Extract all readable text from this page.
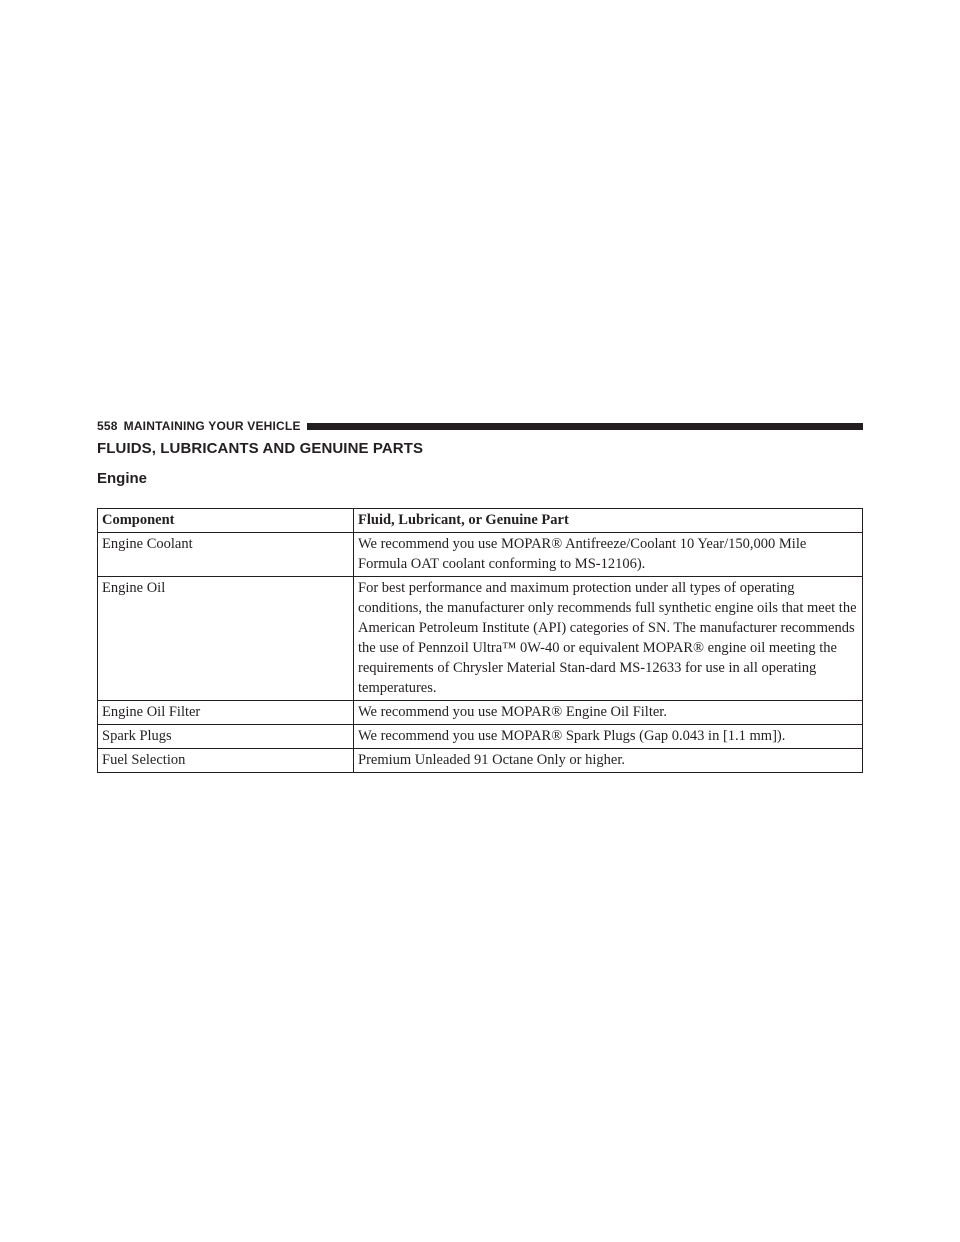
558 MAINTAINING YOUR VEHICLE
FLUIDS, LUBRICANTS AND GENUINE PARTS
Engine
Component	Fluid, Lubricant, or Genuine Part
Engine Coolant	We recommend you use MOPAR® Antifreeze/Coolant 10 Year/150,000 Mile Formula OAT coolant conforming to MS-12106).
Engine Oil	For best performance and maximum protection under all types of operating conditions, the manufacturer only recommends full synthetic engine oils that meet the American Petroleum Institute (API) categories of SN. The manufacturer recommends the use of Pennzoil Ultra™ 0W-40 or equivalent MOPAR® engine oil meeting the requirements of Chrysler Material Stan-dard MS-12633 for use in all operating temperatures.
Engine Oil Filter	We recommend you use MOPAR® Engine Oil Filter.
Spark Plugs	We recommend you use MOPAR® Spark Plugs (Gap 0.043 in [1.1 mm]).
Fuel Selection	Premium Unleaded 91 Octane Only or higher.
